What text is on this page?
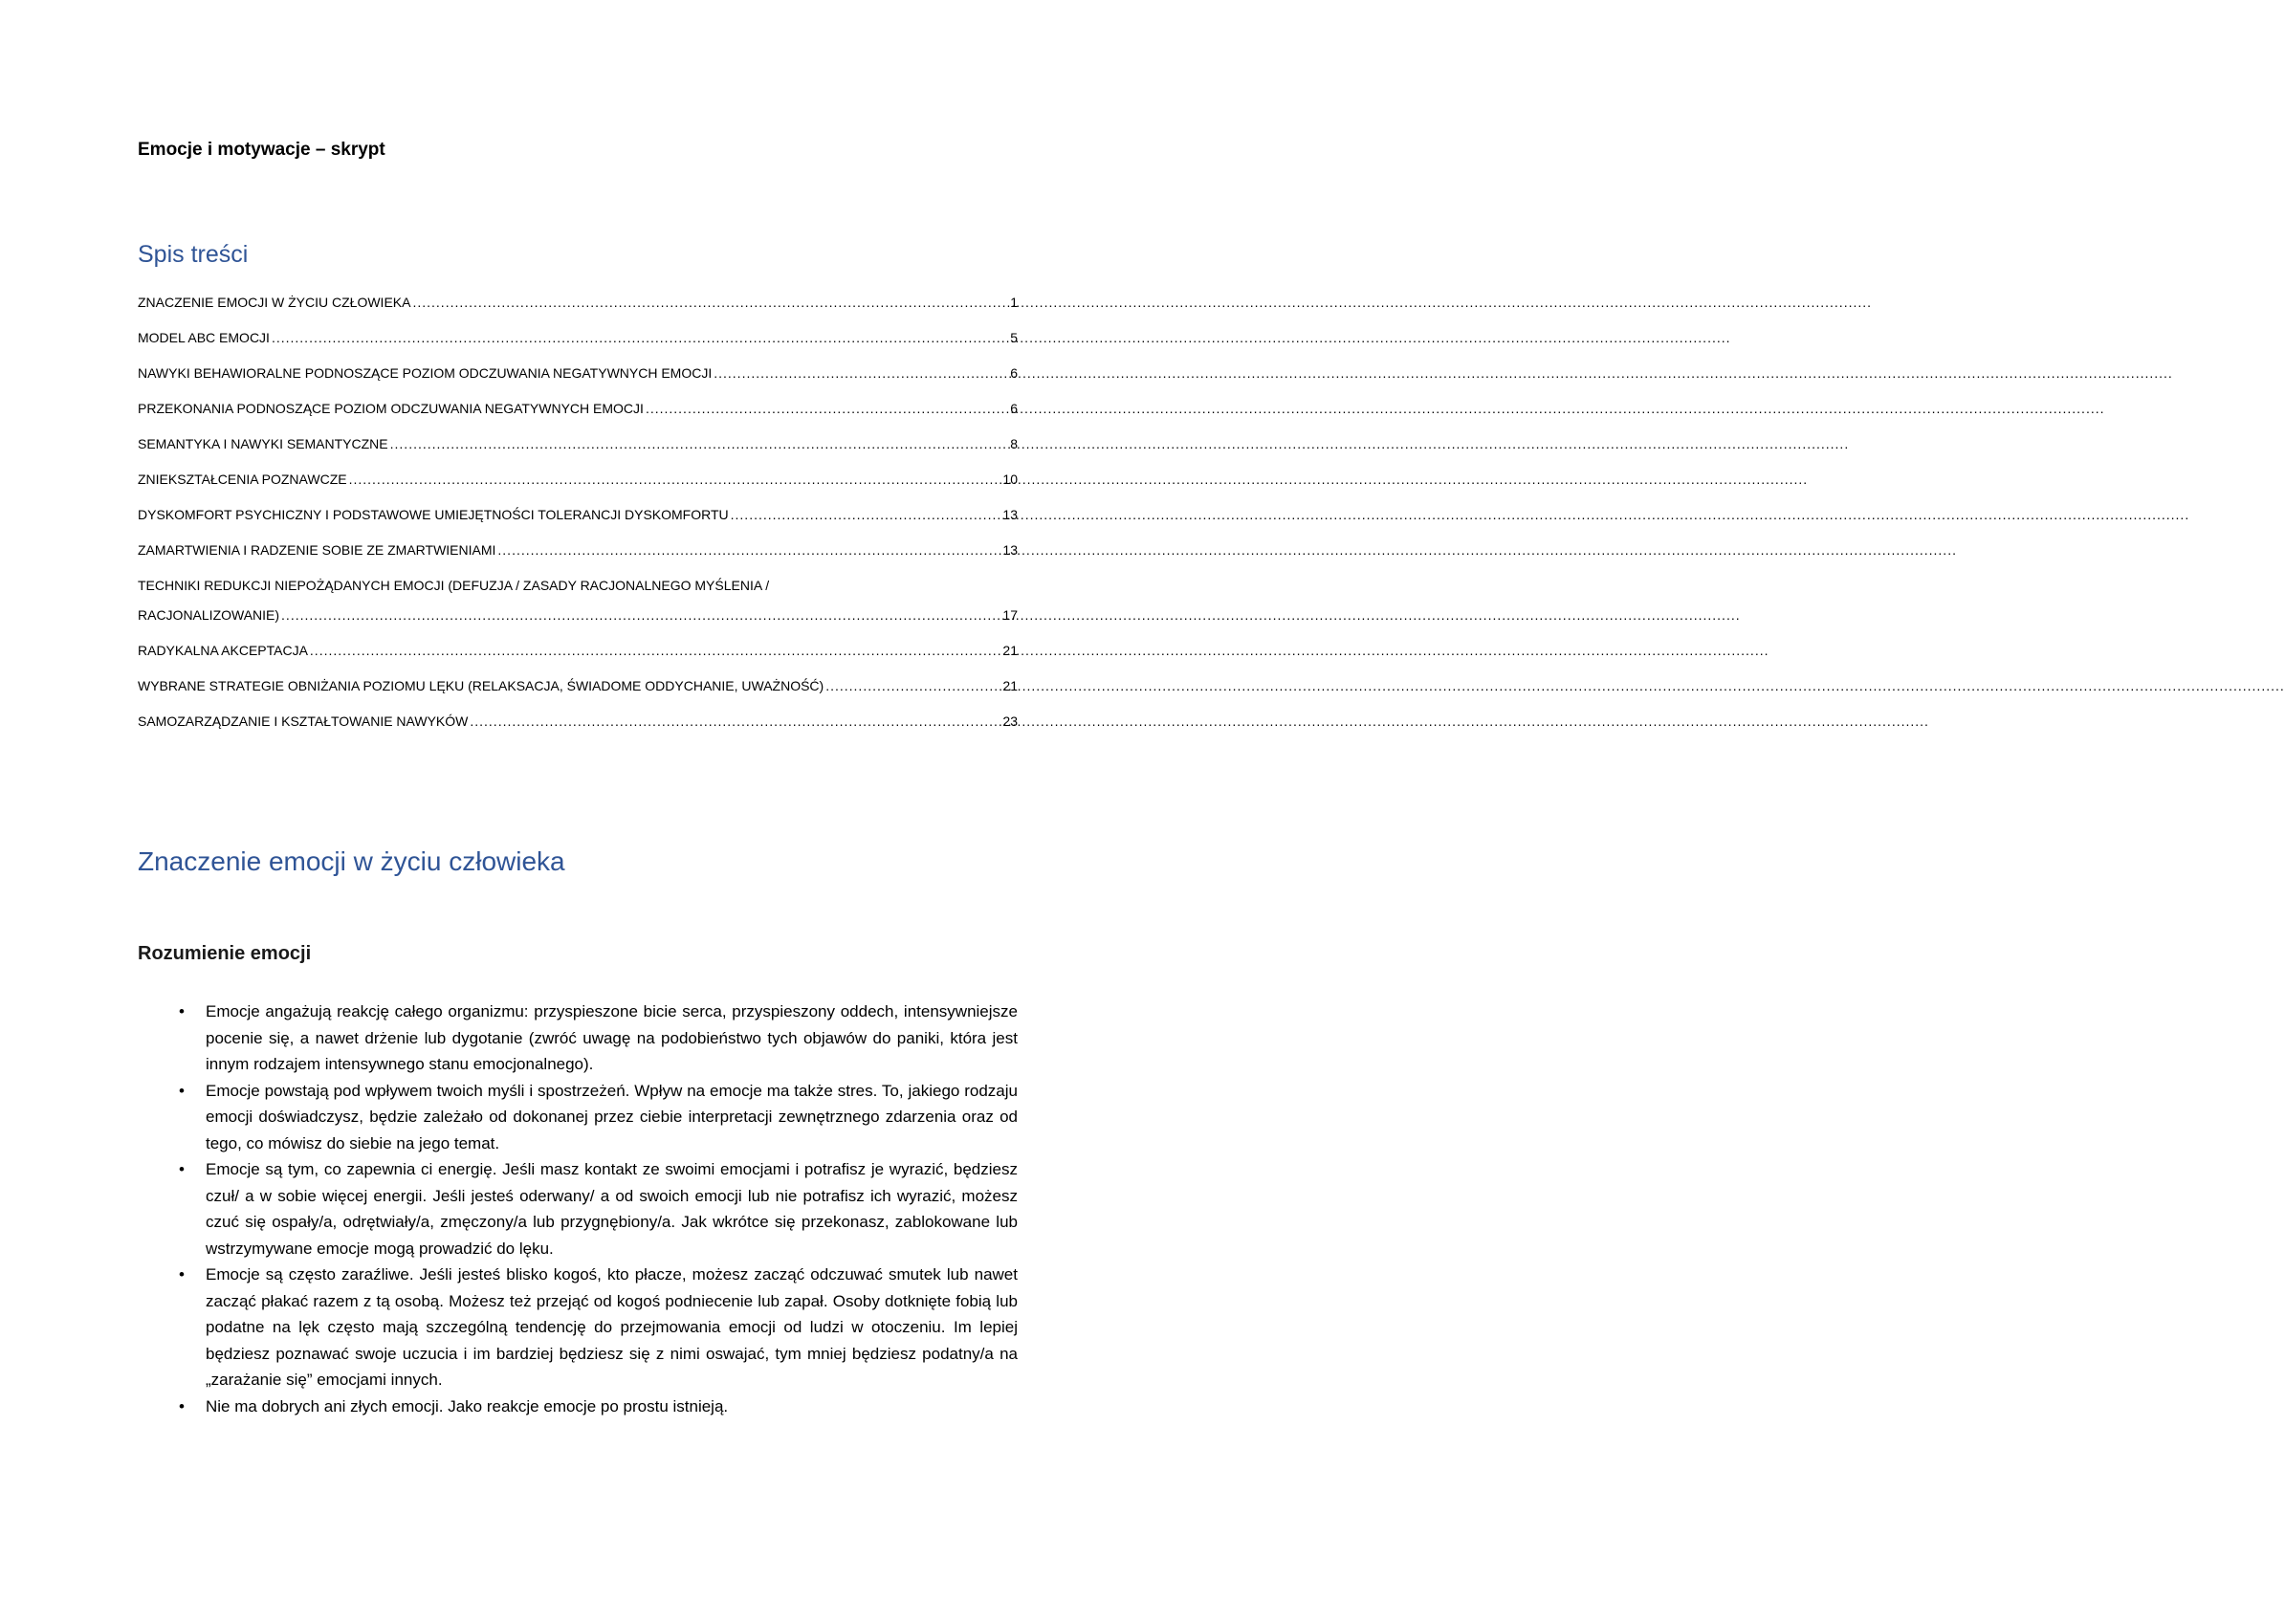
Emocje i motywacje – skrypt
Spis treści
ZNACZENIE EMOCJI W ŻYCIU CZŁOWIEKA .....	1
MODEL ABC EMOCJI .....	5
NAWYKI BEHAWIORALNE PODNOSZĄCE POZIOM ODCZUWANIA NEGATYWNYCH EMOCJI .....	6
PRZEKONANIA PODNOSZĄCE POZIOM ODCZUWANIA NEGATYWNYCH EMOCJI .....	6
SEMANTYKA I NAWYKI SEMANTYCZNE .....	8
ZNIEKSZTAŁCENIA POZNAWCZE .....	10
DYSKOMFORT PSYCHICZNY I PODSTAWOWE UMIEJĘTNOŚCI TOLERANCJI DYSKOMFORTU .....	13
ZAMARTWIENIA I RADZENIE SOBIE ZE ZMARTWIENIAMI .....	13
TECHNIKI REDUKCJI NIEPOŻĄDANYCH EMOCJI (DEFUZJA / ZASADY RACJONALNEGO MYŚLENIA /
RACJONALIZOWANIE) .....	17
RADYKALNA AKCEPTACJA .....	21
WYBRANE STRATEGIE OBNIŻANIA POZIOMU LĘKU (RELAKSACJA, ŚWIADOME ODDYCHANIE, UWAŻNOŚĆ) .....	21
SAMOZARZĄDZANIE I KSZTAŁTOWANIE NAWYKÓW .....	23
Znaczenie emocji w życiu człowieka
Rozumienie emocji
• Emocje angażują reakcję całego organizmu: przyspieszone bicie serca, przyspieszony oddech, intensywniejsze pocenie się, a nawet drżenie lub dygotanie (zwróć uwagę na podobieństwo tych objawów do paniki, która jest innym rodzajem intensywnego stanu emocjonalnego).
• Emocje powstają pod wpływem twoich myśli i spostrzeżeń. Wpływ na emocje ma także stres. To, jakiego rodzaju emocji doświadczysz, będzie zależało od dokonanej przez ciebie interpretacji zewnętrznego zdarzenia oraz od tego, co mówisz do siebie na jego temat.
• Emocje są tym, co zapewnia ci energię. Jeśli masz kontakt ze swoimi emocjami i potrafisz je wyrazić, będziesz czuł/ a w sobie więcej energii. Jeśli jesteś oderwany/ a od swoich emocji lub nie potrafisz ich wyrazić, możesz czuć się ospały/a, odrętwiały/a, zmęczony/a lub przygnębiony/a. Jak wkrótce się przekonasz, zablokowane lub wstrzymywane emocje mogą prowadzić do lęku.
• Emocje są często zaraźliwe. Jeśli jesteś blisko kogoś, kto płacze, możesz zacząć odczuwać smutek lub nawet zacząć płakać razem z tą osobą. Możesz też przejąć od kogoś podniecenie lub zapał. Osoby dotknięte fobią lub podatne na lęk często mają szczególną tendencję do przejmowania emocji od ludzi w otoczeniu. Im lepiej będziesz poznawać swoje uczucia i im bardziej będziesz się z nimi oswajać, tym mniej będziesz podatny/a na „zarażanie się” emocjami innych.
• Nie ma dobrych ani złych emocji. Jako reakcje emocje po prostu istnieją.
